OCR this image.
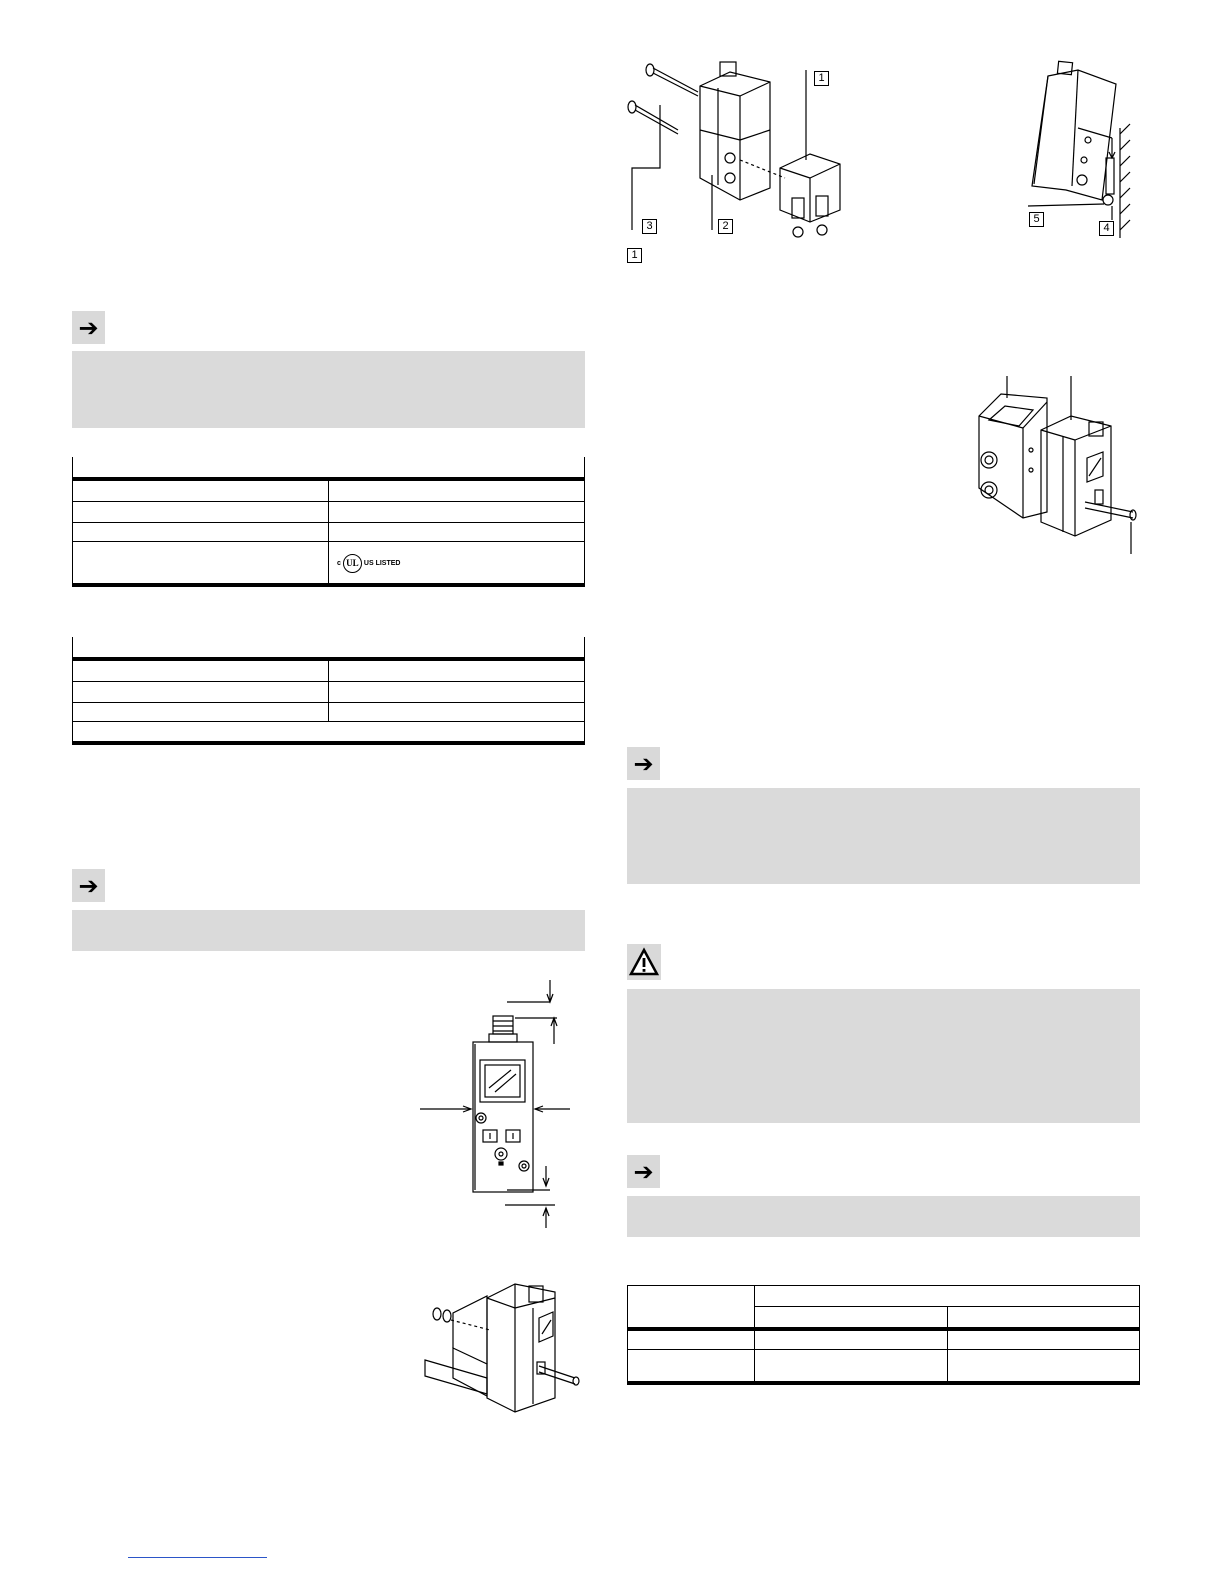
➔

	c UL US LISTED

➔
1
3	2
1
5
4
➔
➔
